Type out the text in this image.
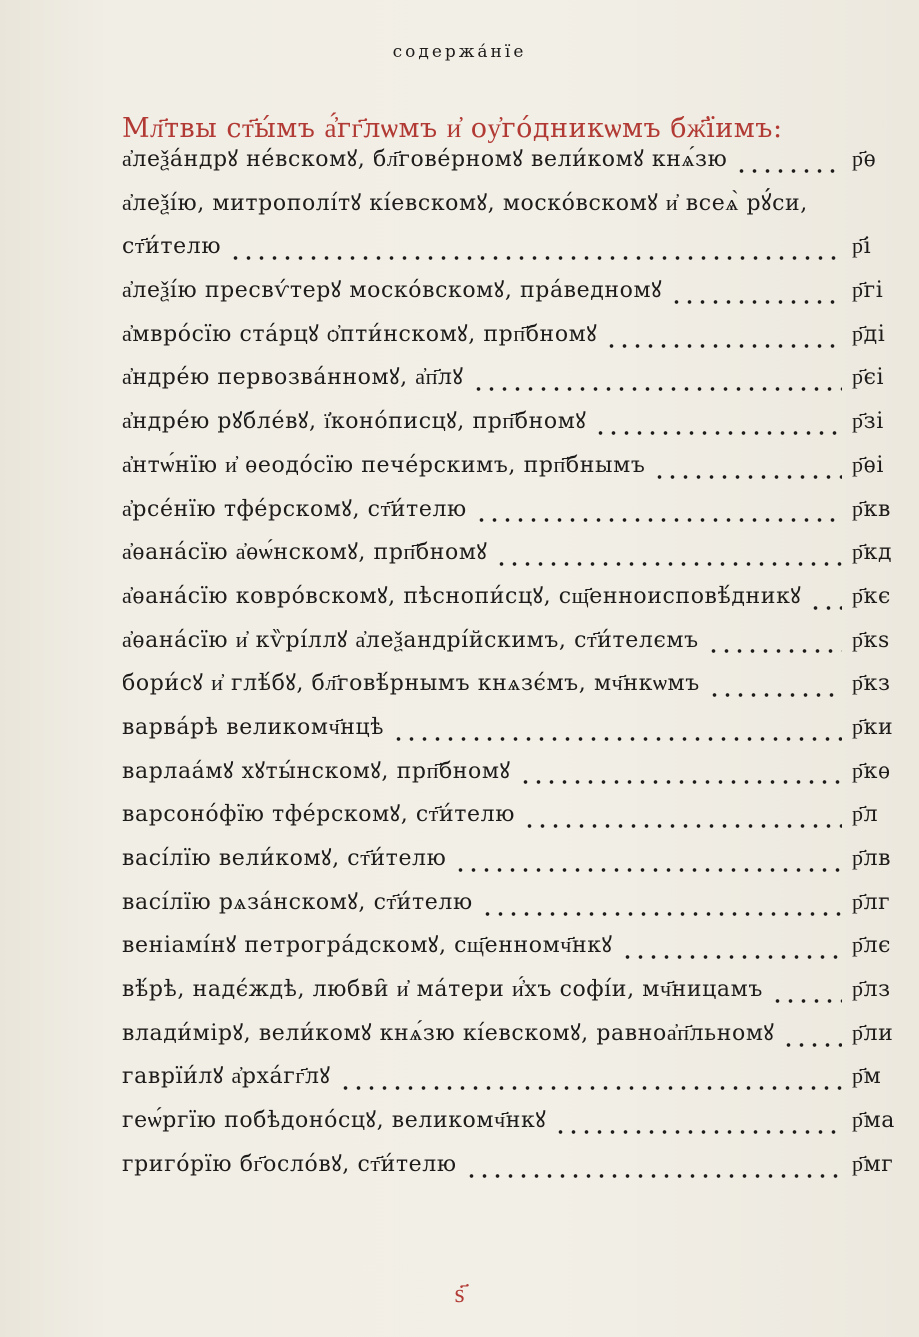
содержа́нїе
Мл҃твы ст҃ы́мъ а҆́гг҃лѡмъ и҆ оу҆го́дникѡмъ бж҃їимъ:
а҆леѯа́ндрꙋ не́вскомꙋ, бл҃гове́рномꙋ вели́комꙋ кнѧ́зю	р҃ѳ
а҆леѯі́ю, митрополі́тꙋ кі́евскомꙋ, моско́вскомꙋ и҆ всеѧ̀ рꙋ́си,
ст҃и́телю	р҃і
а҆леѯі́ю пресвѵ́терꙋ моско́вскомꙋ, пра́ведномꙋ	р҃гі
а҆мвро́сїю ста́рцꙋ ѻ҆пти́нскомꙋ, прп҃бномꙋ	р҃ді
а҆ндре́ю первозва́нномꙋ, а҆п҃лꙋ	р҃єі
а҆ндре́ю рꙋбле́вꙋ, ї҆коно́писцꙋ, прп҃бномꙋ	р҃зі
а҆нтѡ́нїю и҆ ѳеодо́сїю пече́рскимъ, прп҃бнымъ	р҃ѳі
а҆рсе́нїю тфе́рскомꙋ, ст҃и́телю	р҃кв
а҆ѳана́сїю а҆ѳѡ́нскомꙋ, прп҃бномꙋ	р҃кд
а҆ѳана́сїю ковро́вскомꙋ, пѣснопи́сцꙋ, сщ҃енноисповѣ́дникꙋ р҃кє
а҆ѳана́сїю и҆ кѷрі́ллꙋ а҆леѯандрі́йскимъ, ст҃и́телємъ	р҃кѕ
бори́сꙋ и҆ глѣ́бꙋ, бл҃говѣ́рнымъ кнѧзє́мъ, мч҃нкѡмъ	р҃кз
варва́рѣ великомч҃нцѣ	р҃ки
варлаа́мꙋ хꙋты́нскомꙋ, прп҃бномꙋ	р҃кѳ
варсоно́фїю тфе́рскомꙋ, ст҃и́телю	р҃л
васі́лїю вели́комꙋ, ст҃и́телю	р҃лв
васі́лїю рѧза́нскомꙋ, ст҃и́телю	р҃лг
веніамі́нꙋ петрогра́дскомꙋ, сщ҃енномч҃нкꙋ	р҃лє
вѣ́рѣ, надє́ждѣ, любви̑ и҆ ма́тери и҆́хъ софі́и, мч҃ницамъ	р҃лз
влади́мірꙋ, вели́комꙋ кнѧ́зю кі́евскомꙋ, равноа҆п҃льномꙋ	р҃ли
гаврїи́лꙋ а҆рха́гг҃лꙋ	р҃м
геѡ́ргїю побѣдоно́сцꙋ, великомч҃нкꙋ	р҃ма
григо́рїю бг҃осло́вꙋ, ст҃и́телю	р҃мг
ѕ҃
